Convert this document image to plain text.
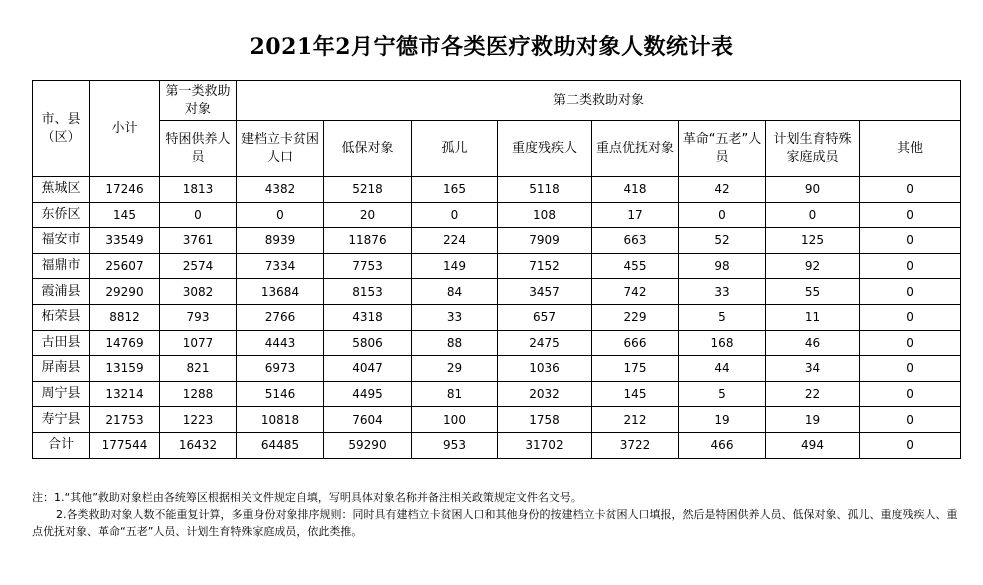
2021年2月宁德市各类医疗救助对象人数统计表
市、县（区）	小计	第一类救助对象	第二类救助对象							
		特困供养人员	建档立卡贫困人口	低保对象	孤儿	重度残疾人	重点优抚对象	革命“五老”人员	计划生育特殊家庭成员	其他
蕉城区	17246	1813	4382	5218	165	5118	418	42	90	0
东侨区	145	0	0	20	0	108	17	0	0	0
福安市	33549	3761	8939	11876	224	7909	663	52	125	0
福鼎市	25607	2574	7334	7753	149	7152	455	98	92	0
霞浦县	29290	3082	13684	8153	84	3457	742	33	55	0
柘荣县	8812	793	2766	4318	33	657	229	5	11	0
古田县	14769	1077	4443	5806	88	2475	666	168	46	0
屏南县	13159	821	6973	4047	29	1036	175	44	34	0
周宁县	13214	1288	5146	4495	81	2032	145	5	22	0
寿宁县	21753	1223	10818	7604	100	1758	212	19	19	0
合计	177544	16432	64485	59290	953	31702	3722	466	494	0

注：1.“其他”救助对象栏由各统筹区根据相关文件规定自填，写明具体对象名称并备注相关政策规定文件名文号。

2.各类救助对象人数不能重复计算，多重身份对象排序规则：同时具有建档立卡贫困人口和其他身份的按建档立卡贫困人口填报，然后是特困供养人员、低保对象、孤儿、重度残疾人、重点优抚对象、革命“五老”人员、计划生育特殊家庭成员，依此类推。
